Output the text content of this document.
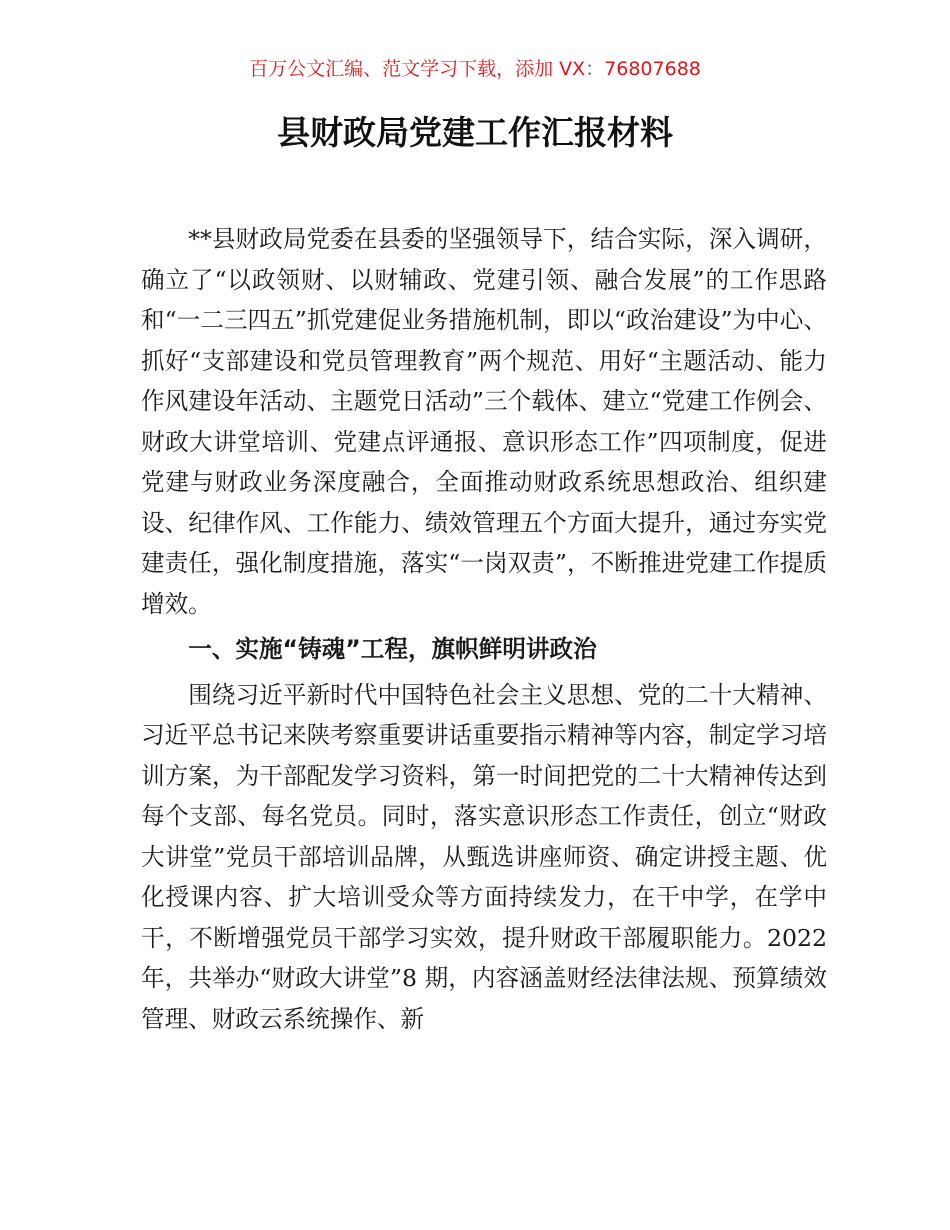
百万公文汇编、范文学习下载，添加 VX：76807688
县财政局党建工作汇报材料

**县财政局党委在县委的坚强领导下，结合实际，深入调研，确立了“以政领财、以财辅政、党建引领、融合发展”的工作思路和“一二三四五”抓党建促业务措施机制，即以“政治建设”为中心、抓好“支部建设和党员管理教育”两个规范、用好“主题活动、能力作风建设年活动、主题党日活动”三个载体、建立“党建工作例会、财政大讲堂培训、党建点评通报、意识形态工作”四项制度，促进党建与财政业务深度融合，全面推动财政系统思想政治、组织建设、纪律作风、工作能力、绩效管理五个方面大提升，通过夯实党建责任，强化制度措施，落实“一岗双责”，不断推进党建工作提质增效。

一、实施“铸魂”工程，旗帜鲜明讲政治

围绕习近平新时代中国特色社会主义思想、党的二十大精神、习近平总书记来陕考察重要讲话重要指示精神等内容，制定学习培训方案，为干部配发学习资料，第一时间把党的二十大精神传达到每个支部、每名党员。同时，落实意识形态工作责任，创立“财政大讲堂”党员干部培训品牌，从甄选讲座师资、确定讲授主题、优化授课内容、扩大培训受众等方面持续发力，在干中学，在学中干，不断增强党员干部学习实效，提升财政干部履职能力。2022 年，共举办“财政大讲堂”8 期，内容涵盖财经法律法规、预算绩效管理、财政云系统操作、新
